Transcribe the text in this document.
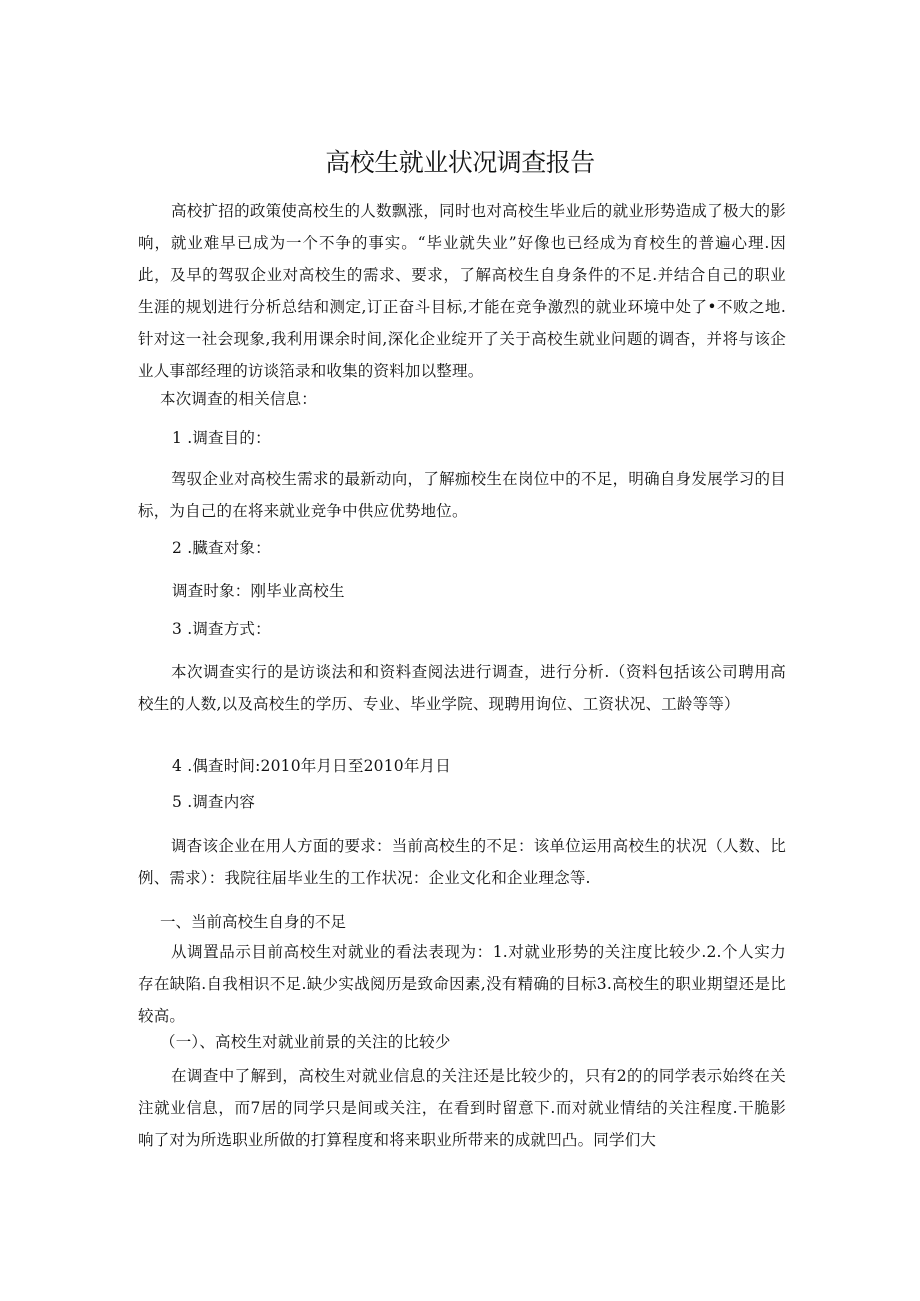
高校生就业状况调查报告
高校扩招的政策使高校生的人数飘涨，同时也对高校生毕业后的就业形势造成了极大的影响，就业难早已成为一个不争的事实。“毕业就失业”好像也已经成为育校生的普遍心理.因此，及早的驾驭企业对高校生的需求、要求，了解高校生自身条件的不足.并结合自己的职业生涯的规划进行分析总结和测定,订正奋斗目标,才能在竞争激烈的就业环境中处了•不败之地.针对这一社会现象,我利用课余时间,深化企业绽开了关于高校生就业问题的调杳，并将与该企业人事部经理的访谈箔录和收集的资料加以整理。
本次调查的相关信息：
1 .调查目的：
驾驭企业对高校生需求的最新动向，了解痂校生在岗位中的不足，明确自身发展学习的目标，为自己的在将来就业竞争中供应优势地位。
2 .臓查对象：
调查时象：刚毕业高校生
3 .调查方式：
本次调查实行的是访谈法和和资料查阅法进行调查，进行分析.（资料包括该公司聘用高校生的人数,以及高校生的学历、专业、毕业学院、现聘用询位、工资状况、工龄等等）
4 .偶查时间:2010年月日至2010年月日
5 .调查内容
调杳该企业在用人方面的要求：当前高校生的不足：该单位运用高校生的状况（人数、比例、需求）：我院往届毕业生的工作状况：企业文化和企业理念等.
一、当前高校生自身的不足
从调置品示目前高校生对就业的看法表现为：1.对就业形势的关注度比较少.2.个人实力存在缺陷.自我相识不足.缺少实战阅历是致命因素,没有精确的目标3.高校生的职业期望还是比较高。
（一）、高校生对就业前景的关注的比较少
在调查中了解到，高校生对就业信息的关注还是比较少的，只有2的的同学表示始终在关注就业信息，而7居的同学只是间或关注，在看到时留意下.而对就业情结的关注程度.干脆影响了对为所选职业所做的打算程度和将来职业所带来的成就凹凸。同学们大
